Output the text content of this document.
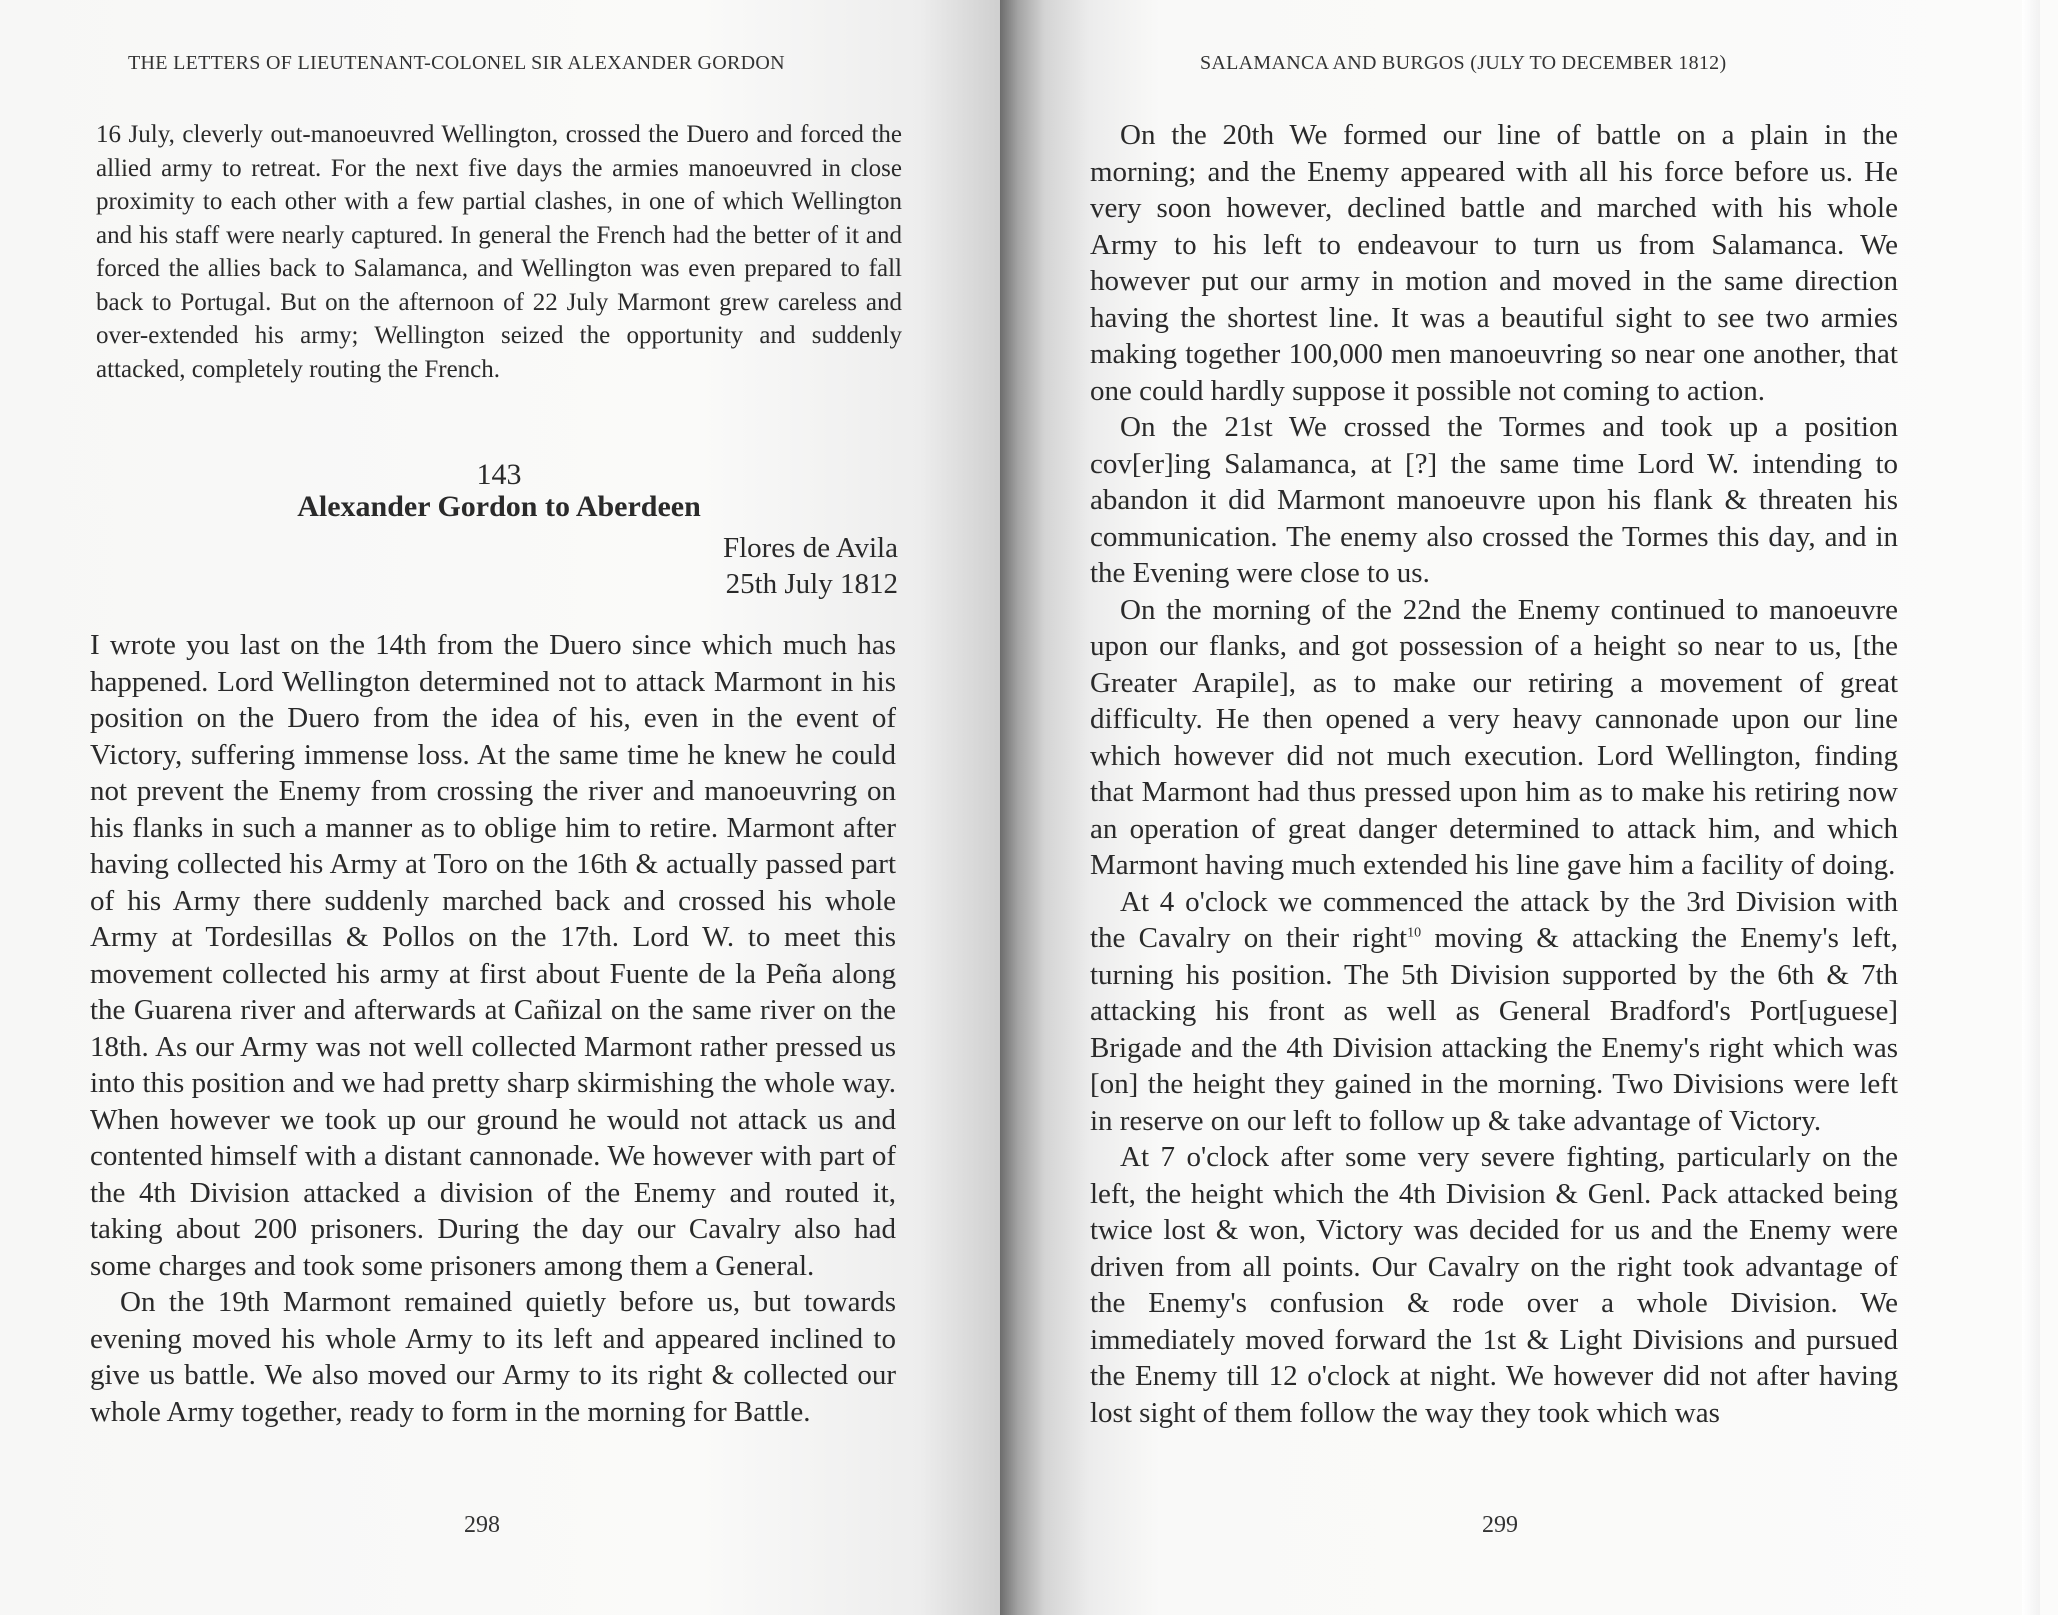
THE LETTERS OF LIEUTENANT-COLONEL SIR ALEXANDER GORDON

16 July, cleverly out-manoeuvred Wellington, crossed the Duero and forced the allied army to retreat. For the next five days the armies manoeuvred in close proximity to each other with a few partial clashes, in one of which Wellington and his staff were nearly captured. In general the French had the better of it and forced the allies back to Salamanca, and Wellington was even prepared to fall back to Portugal. But on the afternoon of 22 July Marmont grew careless and over-extended his army; Wellington seized the opportunity and suddenly attacked, completely routing the French.

143
Alexander Gordon to Aberdeen
Flores de Avila
25th July 1812

I wrote you last on the 14th from the Duero since which much has happened. Lord Wellington determined not to attack Marmont in his position on the Duero from the idea of his, even in the event of Victory, suffering immense loss. At the same time he knew he could not prevent the Enemy from crossing the river and manoeuvring on his flanks in such a manner as to oblige him to retire. Marmont after having collected his Army at Toro on the 16th & actually passed part of his Army there suddenly marched back and crossed his whole Army at Tordesillas & Pollos on the 17th. Lord W. to meet this movement collected his army at first about Fuente de la Peña along the Guarena river and afterwards at Cañizal on the same river on the 18th. As our Army was not well collected Marmont rather pressed us into this position and we had pretty sharp skirmishing the whole way. When however we took up our ground he would not attack us and contented himself with a distant cannonade. We however with part of the 4th Division attacked a division of the Enemy and routed it, taking about 200 prisoners. During the day our Cavalry also had some charges and took some prisoners among them a General.

On the 19th Marmont remained quietly before us, but towards evening moved his whole Army to its left and appeared inclined to give us battle. We also moved our Army to its right & collected our whole Army together, ready to form in the morning for Battle.

298
SALAMANCA AND BURGOS (JULY TO DECEMBER 1812)

On the 20th We formed our line of battle on a plain in the morning; and the Enemy appeared with all his force before us. He very soon however, declined battle and marched with his whole Army to his left to endeavour to turn us from Salamanca. We however put our army in motion and moved in the same direction having the shortest line. It was a beautiful sight to see two armies making together 100,000 men manoeuvring so near one another, that one could hardly suppose it possible not coming to action.

On the 21st We crossed the Tormes and took up a position cov[er]ing Salamanca, at [?] the same time Lord W. intending to abandon it did Marmont manoeuvre upon his flank & threaten his communication. The enemy also crossed the Tormes this day, and in the Evening were close to us.

On the morning of the 22nd the Enemy continued to manoeuvre upon our flanks, and got possession of a height so near to us, [the Greater Arapile], as to make our retiring a movement of great difficulty. He then opened a very heavy cannonade upon our line which however did not much execution. Lord Wellington, finding that Marmont had thus pressed upon him as to make his retiring now an operation of great danger determined to attack him, and which Marmont having much extended his line gave him a facility of doing.

At 4 o'clock we commenced the attack by the 3rd Division with the Cavalry on their right$^{10}$ moving & attacking the Enemy's left, turning his position. The 5th Division supported by the 6th & 7th attacking his front as well as General Bradford's Port[uguese] Brigade and the 4th Division attacking the Enemy's right which was [on] the height they gained in the morning. Two Divisions were left in reserve on our left to follow up & take advantage of Victory.

At 7 o'clock after some very severe fighting, particularly on the left, the height which the 4th Division & Genl. Pack attacked being twice lost & won, Victory was decided for us and the Enemy were driven from all points. Our Cavalry on the right took advantage of the Enemy's confusion & rode over a whole Division. We immediately moved forward the 1st & Light Divisions and pursued the Enemy till 12 o'clock at night. We however did not after having lost sight of them follow the way they took which was

299
